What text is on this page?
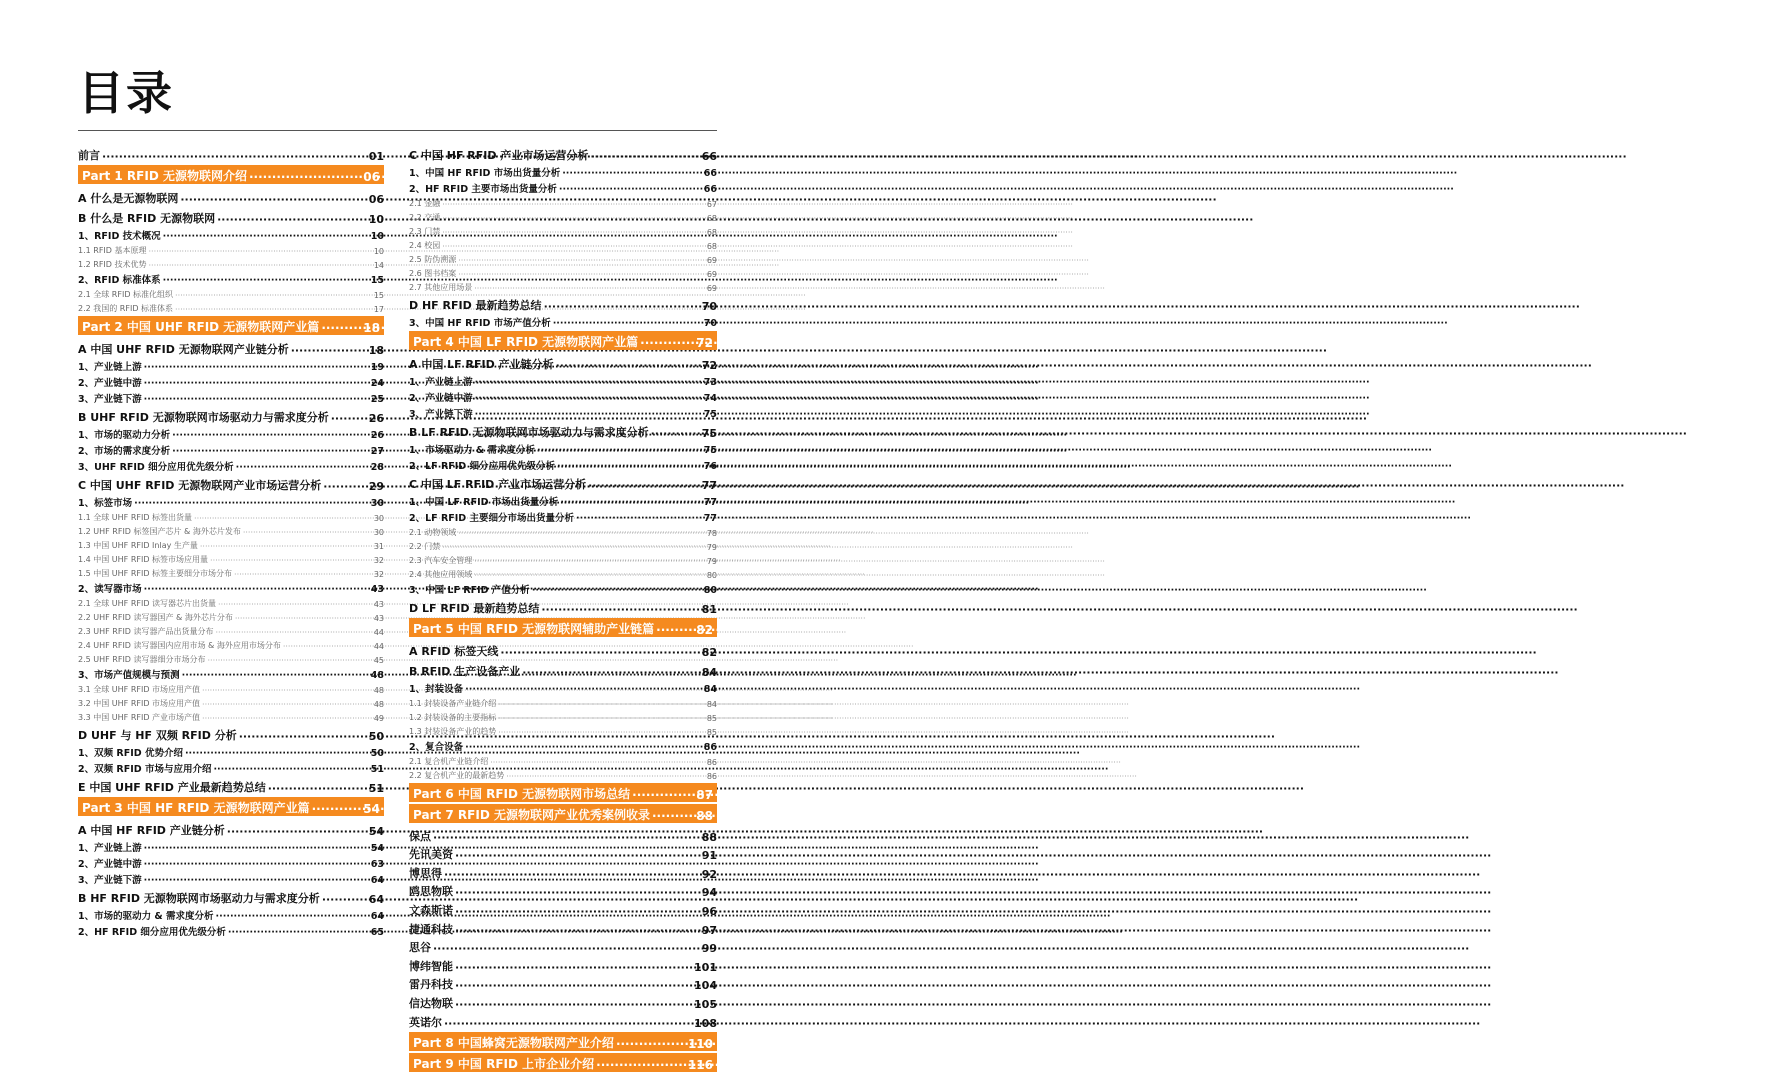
目录
前言 ·····	01
Part 1 RFID 无源物联网介绍 ·····	06
A 什么是无源物联网 ·····	06
B 什么是 RFID 无源物联网 ·····	10
1、RFID 技术概况 ·····	10
1.1 RFID 基本原理 ·····	10
1.2 RFID 技术优势 ·····	14
2、RFID 标准体系 ·····	15
2.1 全球 RFID 标准化组织 ·····	15
2.2 我国的 RFID 标准体系 ·····	17
Part 2 中国 UHF RFID 无源物联网产业篇 ·····	18
A 中国 UHF RFID 无源物联网产业链分析 ·····	18
1、产业链上游 ·····	19
2、产业链中游 ·····	24
3、产业链下游 ·····	25
B UHF RFID 无源物联网市场驱动力与需求度分析 ·····	26
1、市场的驱动力分析 ·····	26
2、市场的需求度分析 ·····	27
3、UHF RFID 细分应用优先级分析 ·····	28
C 中国 UHF RFID 无源物联网产业市场运营分析 ·····	29
1、标签市场 ·····	30
1.1 全球 UHF RFID 标签出货量 ·····	30
1.2 UHF RFID 标签国产芯片 & 海外芯片发布 ·····	30
1.3 中国 UHF RFID Inlay 生产量 ·····	31
1.4 中国 UHF RFID 标签市场应用量 ·····	32
1.5 中国 UHF RFID 标签主要细分市场分布 ·····	32
2、读写器市场 ·····	43
2.1 全球 UHF RFID 读写器芯片出货量 ·····	43
2.2 UHF RFID 读写器国产 & 海外芯片分布 ·····	43
2.3 UHF RFID 读写器产品出货量分布 ·····	44
2.4 UHF RFID 读写器国内应用市场 & 海外应用市场分布 ·····	44
2.5 UHF RFID 读写器细分市场分布 ·····	45
3、市场产值规模与预测 ·····	48
3.1 全球 UHF RFID 市场应用产值 ·····	48
3.2 中国 UHF RFID 市场应用产值 ·····	48
3.3 中国 UHF RFID 产业市场产值 ·····	49
D UHF 与 HF 双频 RFID 分析 ·····	50
1、双频 RFID 优势介绍 ·····	50
2、双频 RFID 市场与应用介绍 ·····	51
E 中国 UHF RFID 产业最新趋势总结 ·····	51
Part 3 中国 HF RFID 无源物联网产业篇 ·····	54
A 中国 HF RFID 产业链分析 ·····	54
1、产业链上游 ·····	54
2、产业链中游 ·····	63
3、产业链下游 ·····	64
B HF RFID 无源物联网市场驱动力与需求度分析 ·····	64
1、市场的驱动力 & 需求度分析 ·····	64
2、HF RFID 细分应用优先级分析 ·····	65
C 中国 HF RFID 产业市场运营分析 ·····	66
1、中国 HF RFID 市场出货量分析 ·····	66
2、HF RFID 主要市场出货量分析 ·····	66
2.1 金融 ·····	67
2.2 交通 ·····	68
2.3 门禁 ·····	68
2.4 校园 ·····	68
2.5 防伪溯源 ·····	69
2.6 图书档案 ·····	69
2.7 其他应用场景 ·····	69
D HF RFID 最新趋势总结 ·····	70
3、中国 HF RFID 市场产值分析 ·····	70
Part 4 中国 LF RFID 无源物联网产业篇 ·····	72
A 中国 LF RFID 产业链分析 ·····	72
1、产业链上游 ·····	73
2、产业链中游 ·····	74
3、产业链下游 ·····	75
B LF RFID 无源物联网市场驱动力与需求度分析 ·····	75
1、市场驱动力 & 需求度分析 ·····	75
2、LF RFID 细分应用优先级分析 ·····	76
C 中国 LF RFID 产业市场运营分析 ·····	77
1、中国 LF RFID 市场出货量分析 ·····	77
2、LF RFID 主要细分市场出货量分析 ·····	77
2.1 动物领域 ·····	78
2.2 门禁 ·····	79
2.3 汽车安全管理 ·····	79
2.4 其他应用领域 ·····	80
3、中国 LF RFID 产值分析 ·····	80
D LF RFID 最新趋势总结 ·····	81
Part 5 中国 RFID 无源物联网辅助产业链篇 ·····	82
A RFID 标签天线 ·····	82
B RFID 生产设备产业 ·····	84
1、封装设备 ·····	84
1.1 封装设备产业链介绍 ·····	84
1.2 封装设备的主要指标 ·····	85
1.3 封装设备产业的趋势 ·····	85
2、复合设备 ·····	86
2.1 复合机产业链介绍 ·····	86
2.2 复合机产业的最新趋势 ·····	86
Part 6 中国 RFID 无源物联网市场总结 ·····	87
Part 7 RFID 无源物联网产业优秀案例收录 ·····	88
保点 ·····	88
先讯美资 ·····	91
博思得 ·····	92
鸥思物联 ·····	94
文森斯诺 ·····	96
捷通科技 ·····	97
思谷 ·····	99
博纬智能 ·····	101
雷丹科技 ·····	104
信达物联 ·····	105
英诺尔 ·····	108
Part 8 中国蜂窝无源物联网产业介绍 ·····	110
Part 9 中国 RFID 上市企业介绍 ·····	116
